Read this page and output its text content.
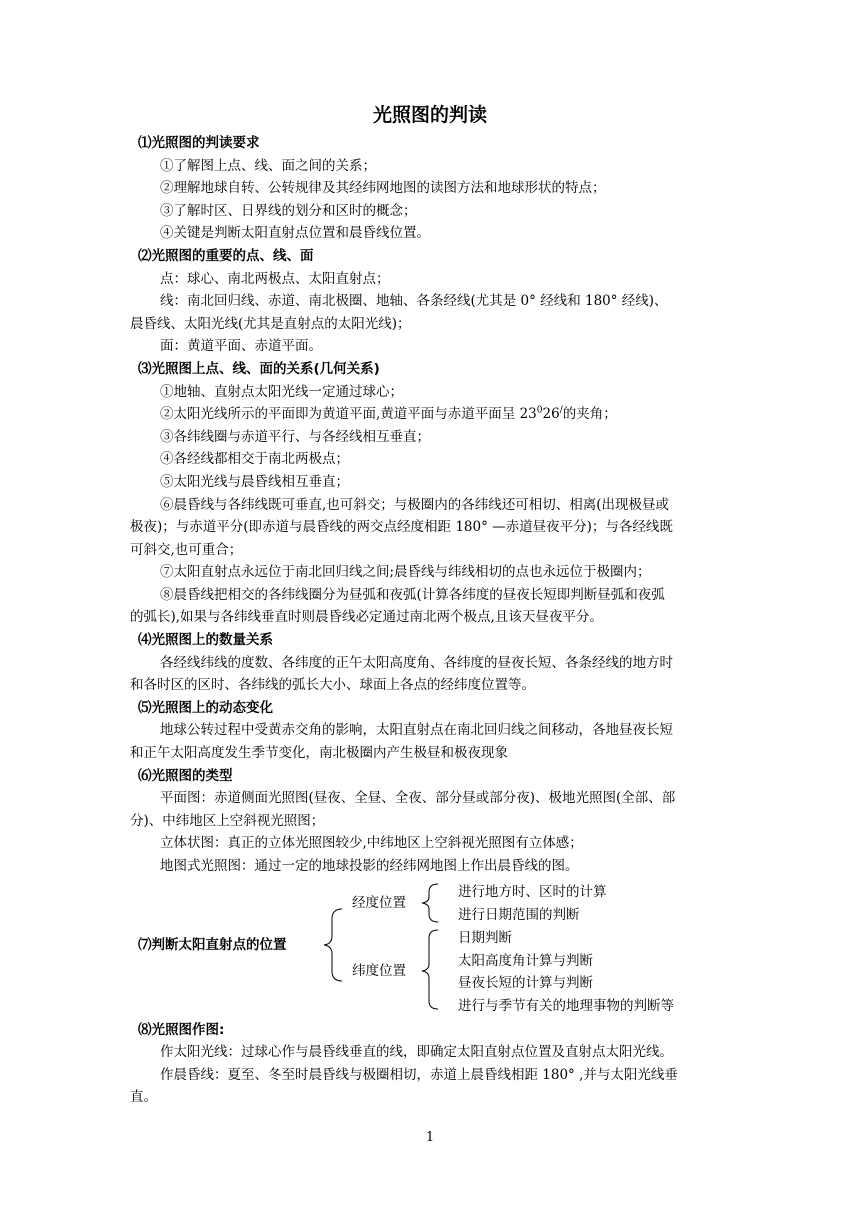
光照图的判读
⑴光照图的判读要求
①了解图上点、线、面之间的关系；
②理解地球自转、公转规律及其经纬网地图的读图方法和地球形状的特点；
③了解时区、日界线的划分和区时的概念；
④关键是判断太阳直射点位置和晨昏线位置。
⑵光照图的重要的点、线、面
点：球心、南北两极点、太阳直射点；
线：南北回归线、赤道、南北极圈、地轴、各条经线(尤其是 0° 经线和 180° 经线)、
晨昏线、太阳光线(尤其是直射点的太阳光线)；
面：黄道平面、赤道平面。
⑶光照图上点、线、面的关系(几何关系)
①地轴、直射点太阳光线一定通过球心；
②太阳光线所示的平面即为黄道平面,黄道平面与赤道平面呈 $23^026^/$的夹角；
③各纬线圈与赤道平行、与各经线相互垂直；
④各经线都相交于南北两极点；
⑤太阳光线与晨昏线相互垂直；
⑥晨昏线与各纬线既可垂直,也可斜交；与极圈内的各纬线还可相切、相离(出现极昼或
极夜)；与赤道平分(即赤道与晨昏线的两交点经度相距 180° —赤道昼夜平分)；与各经线既
可斜交,也可重合；
⑦太阳直射点永远位于南北回归线之间;晨昏线与纬线相切的点也永远位于极圈内；
⑧晨昏线把相交的各纬线圈分为昼弧和夜弧(计算各纬度的昼夜长短即判断昼弧和夜弧
的弧长),如果与各纬线垂直时则晨昏线必定通过南北两个极点,且该天昼夜平分。
⑷光照图上的数量关系
各经线纬线的度数、各纬度的正午太阳高度角、各纬度的昼夜长短、各条经线的地方时
和各时区的区时、各纬线的弧长大小、球面上各点的经纬度位置等。
⑸光照图上的动态变化
地球公转过程中受黄赤交角的影响，太阳直射点在南北回归线之间移动，各地昼夜长短
和正午太阳高度发生季节变化，南北极圈内产生极昼和极夜现象
⑹光照图的类型
平面图：赤道侧面光照图(昼夜、全昼、全夜、部分昼或部分夜)、极地光照图(全部、部
分)、中纬地区上空斜视光照图；
立体状图：真正的立体光照图较少,中纬地区上空斜视光照图有立体感；
地图式光照图：通过一定的地球投影的经纬网地图上作出晨昏线的图。
⑺判断太阳直射点的位置
经度位置
进行地方时、区时的计算
进行日期范围的判断
纬度位置
日期判断
太阳高度角计算与判断
昼夜长短的计算与判断
进行与季节有关的地理事物的判断等
⑻光照图作图:
作太阳光线：过球心作与晨昏线垂直的线，即确定太阳直射点位置及直射点太阳光线。
作晨昏线：夏至、冬至时晨昏线与极圈相切，赤道上晨昏线相距 180° ,并与太阳光线垂
直。
1
